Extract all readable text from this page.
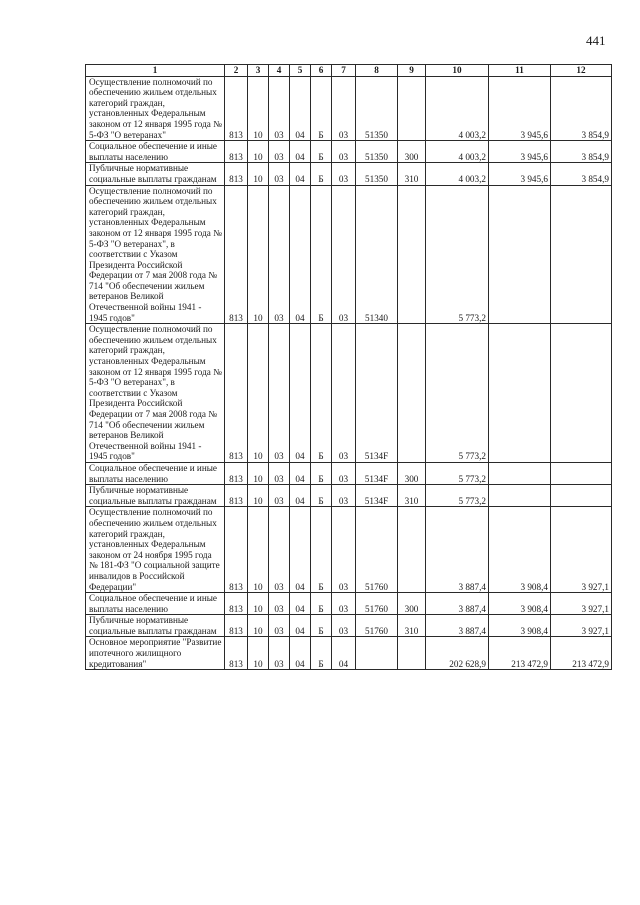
441
1	2	3	4	5	6	7	8	9	10	11	12
Осуществление полномочий по обеспечению жильем отдельных категорий граждан, установленных Федеральным законом от 12 января 1995 года № 5-ФЗ "О ветеранах"	813	10	03	04	Б	03	51350		4 003,2	3 945,6	3 854,9
Социальное обеспечение и иные выплаты населению	813	10	03	04	Б	03	51350	300	4 003,2	3 945,6	3 854,9
Публичные нормативные социальные выплаты гражданам	813	10	03	04	Б	03	51350	310	4 003,2	3 945,6	3 854,9
Осуществление полномочий по обеспечению жильем отдельных категорий граждан, установленных Федеральным законом от 12 января 1995 года № 5-ФЗ "О ветеранах", в соответствии с Указом Президента Российской Федерации от 7 мая 2008 года № 714 "Об обеспечении жильем ветеранов Великой Отечественной войны 1941 - 1945 годов"	813	10	03	04	Б	03	51340		5 773,2		
Осуществление полномочий по обеспечению жильем отдельных категорий граждан, установленных Федеральным законом от 12 января 1995 года № 5-ФЗ "О ветеранах", в соответствии с Указом Президента Российской Федерации от 7 мая 2008 года № 714 "Об обеспечении жильем ветеранов Великой Отечественной войны 1941 - 1945 годов"	813	10	03	04	Б	03	5134F		5 773,2		
Социальное обеспечение и иные выплаты населению	813	10	03	04	Б	03	5134F	300	5 773,2		
Публичные нормативные социальные выплаты гражданам	813	10	03	04	Б	03	5134F	310	5 773,2		
Осуществление полномочий по обеспечению жильем отдельных категорий граждан, установленных Федеральным законом от 24 ноября 1995 года № 181-ФЗ "О социальной защите инвалидов в Российской Федерации"	813	10	03	04	Б	03	51760		3 887,4	3 908,4	3 927,1
Социальное обеспечение и иные выплаты населению	813	10	03	04	Б	03	51760	300	3 887,4	3 908,4	3 927,1
Публичные нормативные социальные выплаты гражданам	813	10	03	04	Б	03	51760	310	3 887,4	3 908,4	3 927,1
Основное мероприятие "Развитие ипотечного жилищного кредитования"	813	10	03	04	Б	04			202 628,9	213 472,9	213 472,9
